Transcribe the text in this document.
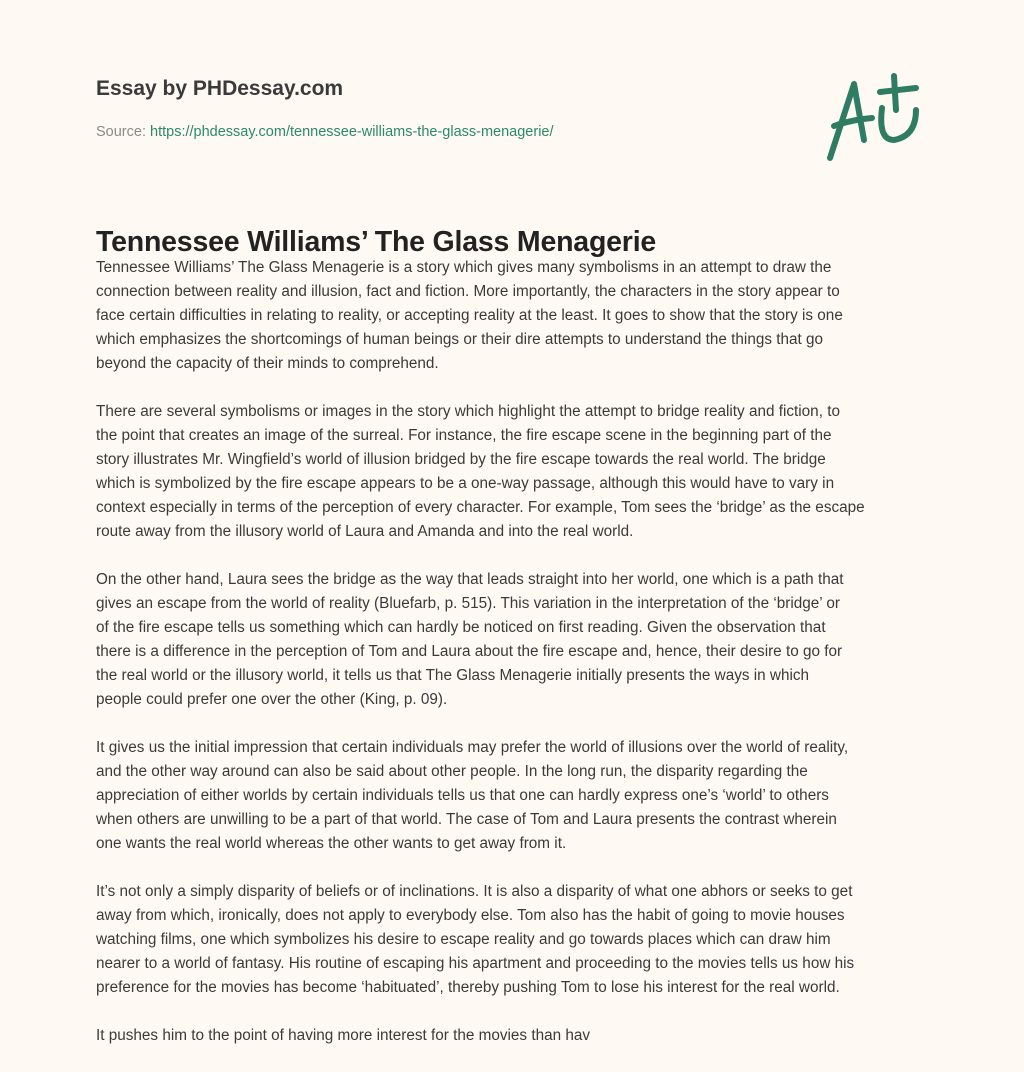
Essay by PHDessay.com
Source: https://phdessay.com/tennessee-williams-the-glass-menagerie/
Tennessee Williams’ The Glass Menagerie

Tennessee Williams’ The Glass Menagerie is a story which gives many symbolisms in an attempt to draw the
connection between reality and illusion, fact and fiction. More importantly, the characters in the story appear to
face certain difficulties in relating to reality, or accepting reality at the least. It goes to show that the story is one
which emphasizes the shortcomings of human beings or their dire attempts to understand the things that go
beyond the capacity of their minds to comprehend.

There are several symbolisms or images in the story which highlight the attempt to bridge reality and fiction, to
the point that creates an image of the surreal. For instance, the fire escape scene in the beginning part of the
story illustrates Mr. Wingfield’s world of illusion bridged by the fire escape towards the real world. The bridge
which is symbolized by the fire escape appears to be a one-way passage, although this would have to vary in
context especially in terms of the perception of every character. For example, Tom sees the ‘bridge’ as the escape
route away from the illusory world of Laura and Amanda and into the real world.

On the other hand, Laura sees the bridge as the way that leads straight into her world, one which is a path that
gives an escape from the world of reality (Bluefarb, p. 515). This variation in the interpretation of the ‘bridge’ or
of the fire escape tells us something which can hardly be noticed on first reading. Given the observation that
there is a difference in the perception of Tom and Laura about the fire escape and, hence, their desire to go for
the real world or the illusory world, it tells us that The Glass Menagerie initially presents the ways in which
people could prefer one over the other (King, p. 09).

It gives us the initial impression that certain individuals may prefer the world of illusions over the world of reality,
and the other way around can also be said about other people. In the long run, the disparity regarding the
appreciation of either worlds by certain individuals tells us that one can hardly express one’s ‘world’ to others
when others are unwilling to be a part of that world. The case of Tom and Laura presents the contrast wherein
one wants the real world whereas the other wants to get away from it.

It’s not only a simply disparity of beliefs or of inclinations. It is also a disparity of what one abhors or seeks to get
away from which, ironically, does not apply to everybody else. Tom also has the habit of going to movie houses
watching films, one which symbolizes his desire to escape reality and go towards places which can draw him
nearer to a world of fantasy. His routine of escaping his apartment and proceeding to the movies tells us how his
preference for the movies has become ‘habituated’, thereby pushing Tom to lose his interest for the real world.

It pushes him to the point of having more interest for the movies than hav
